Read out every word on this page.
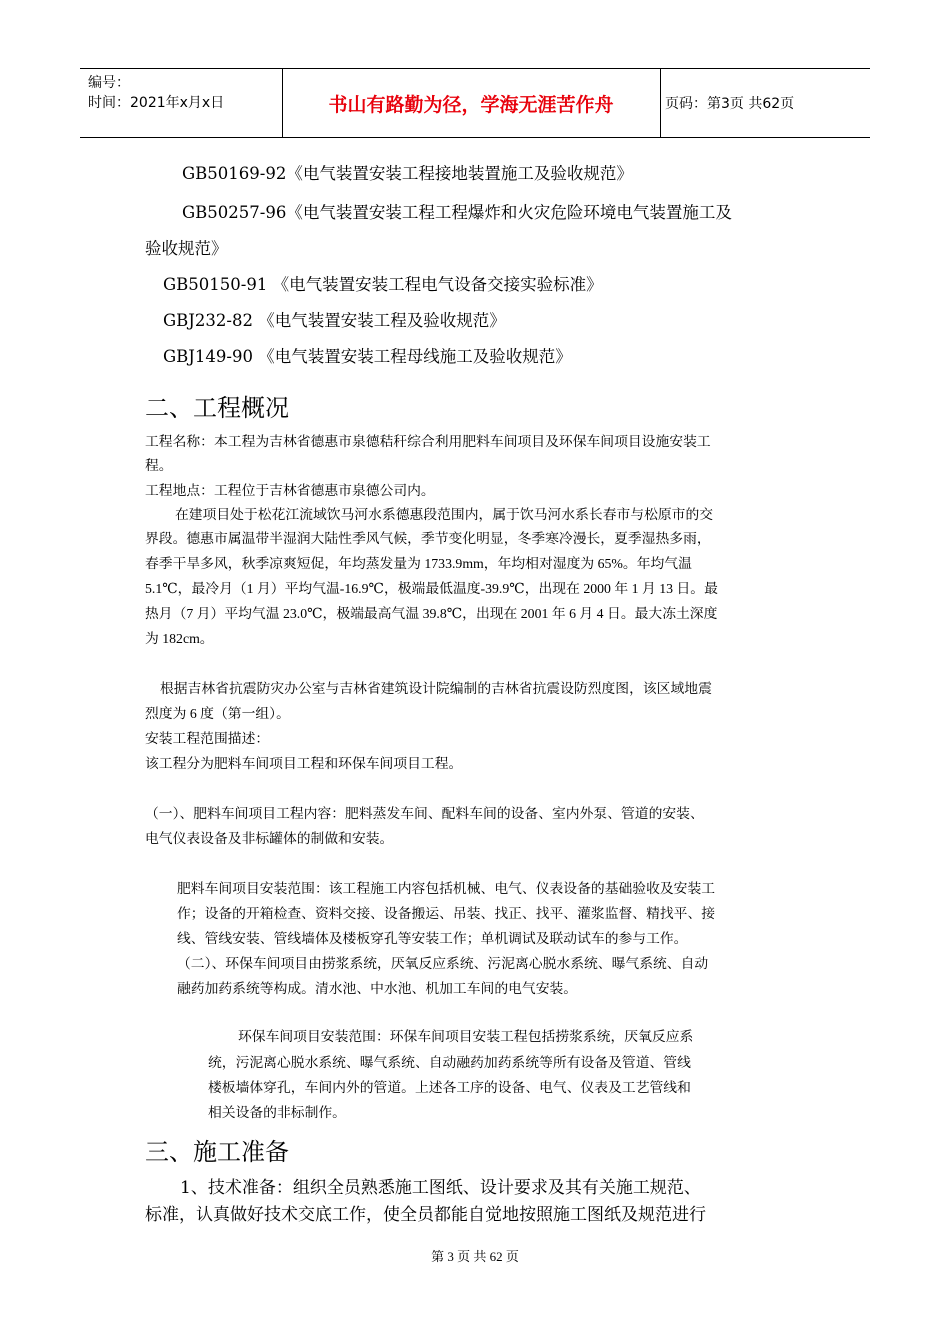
编号：
时间：2021年x月x日	书山有路勤为径，学海无涯苦作舟	页码：第3页 共62页
GB50169-92《电气装置安装工程接地装置施工及验收规范》
GB50257-96《电气装置安装工程工程爆炸和火灾危险环境电气装置施工及
验收规范》
GB50150-91 《电气装置安装工程电气设备交接实验标准》
GBJ232-82 《电气装置安装工程及验收规范》
GBJ149-90 《电气装置安装工程母线施工及验收规范》
二、工程概况
工程名称：本工程为吉林省德惠市泉德秸秆综合利用肥料车间项目及环保车间项目设施安装工
程。
工程地点：工程位于吉林省德惠市泉德公司内。
在建项目处于松花江流域饮马河水系德惠段范围内，属于饮马河水系长春市与松原市的交
界段。德惠市属温带半湿润大陆性季风气候，季节变化明显，冬季寒冷漫长，夏季湿热多雨，
春季干旱多风，秋季凉爽短促，年均蒸发量为 1733.9mm，年均相对湿度为 65%。年均气温
5.1℃，最冷月（1 月）平均气温-16.9℃，极端最低温度-39.9℃，出现在 2000 年 1 月 13 日。最
热月（7 月）平均气温 23.0℃，极端最高气温 39.8℃，出现在 2001 年 6 月 4 日。最大冻土深度
为 182cm。
根据吉林省抗震防灾办公室与吉林省建筑设计院编制的吉林省抗震设防烈度图，该区域地震
烈度为 6 度（第一组）。
安装工程范围描述：
该工程分为肥料车间项目工程和环保车间项目工程。
（一）、肥料车间项目工程内容：肥料蒸发车间、配料车间的设备、室内外泵、管道的安装、
电气仪表设备及非标罐体的制做和安装。
肥料车间项目安装范围：该工程施工内容包括机械、电气、仪表设备的基础验收及安装工
作；设备的开箱检查、资料交接、设备搬运、吊装、找正、找平、灌浆监督、精找平、接
线、管线安装、管线墙体及楼板穿孔等安装工作；单机调试及联动试车的参与工作。
（二）、环保车间项目由捞浆系统，厌氧反应系统、污泥离心脱水系统、曝气系统、自动
融药加药系统等构成。清水池、中水池、机加工车间的电气安装。
环保车间项目安装范围：环保车间项目安装工程包括捞浆系统，厌氧反应系
统，污泥离心脱水系统、曝气系统、自动融药加药系统等所有设备及管道、管线
楼板墙体穿孔，车间内外的管道。上述各工序的设备、电气、仪表及工艺管线和
相关设备的非标制作。
三、施工准备
1、技术准备：组织全员熟悉施工图纸、设计要求及其有关施工规范、
标准，认真做好技术交底工作，使全员都能自觉地按照施工图纸及规范进行
第 3 页 共 62 页
